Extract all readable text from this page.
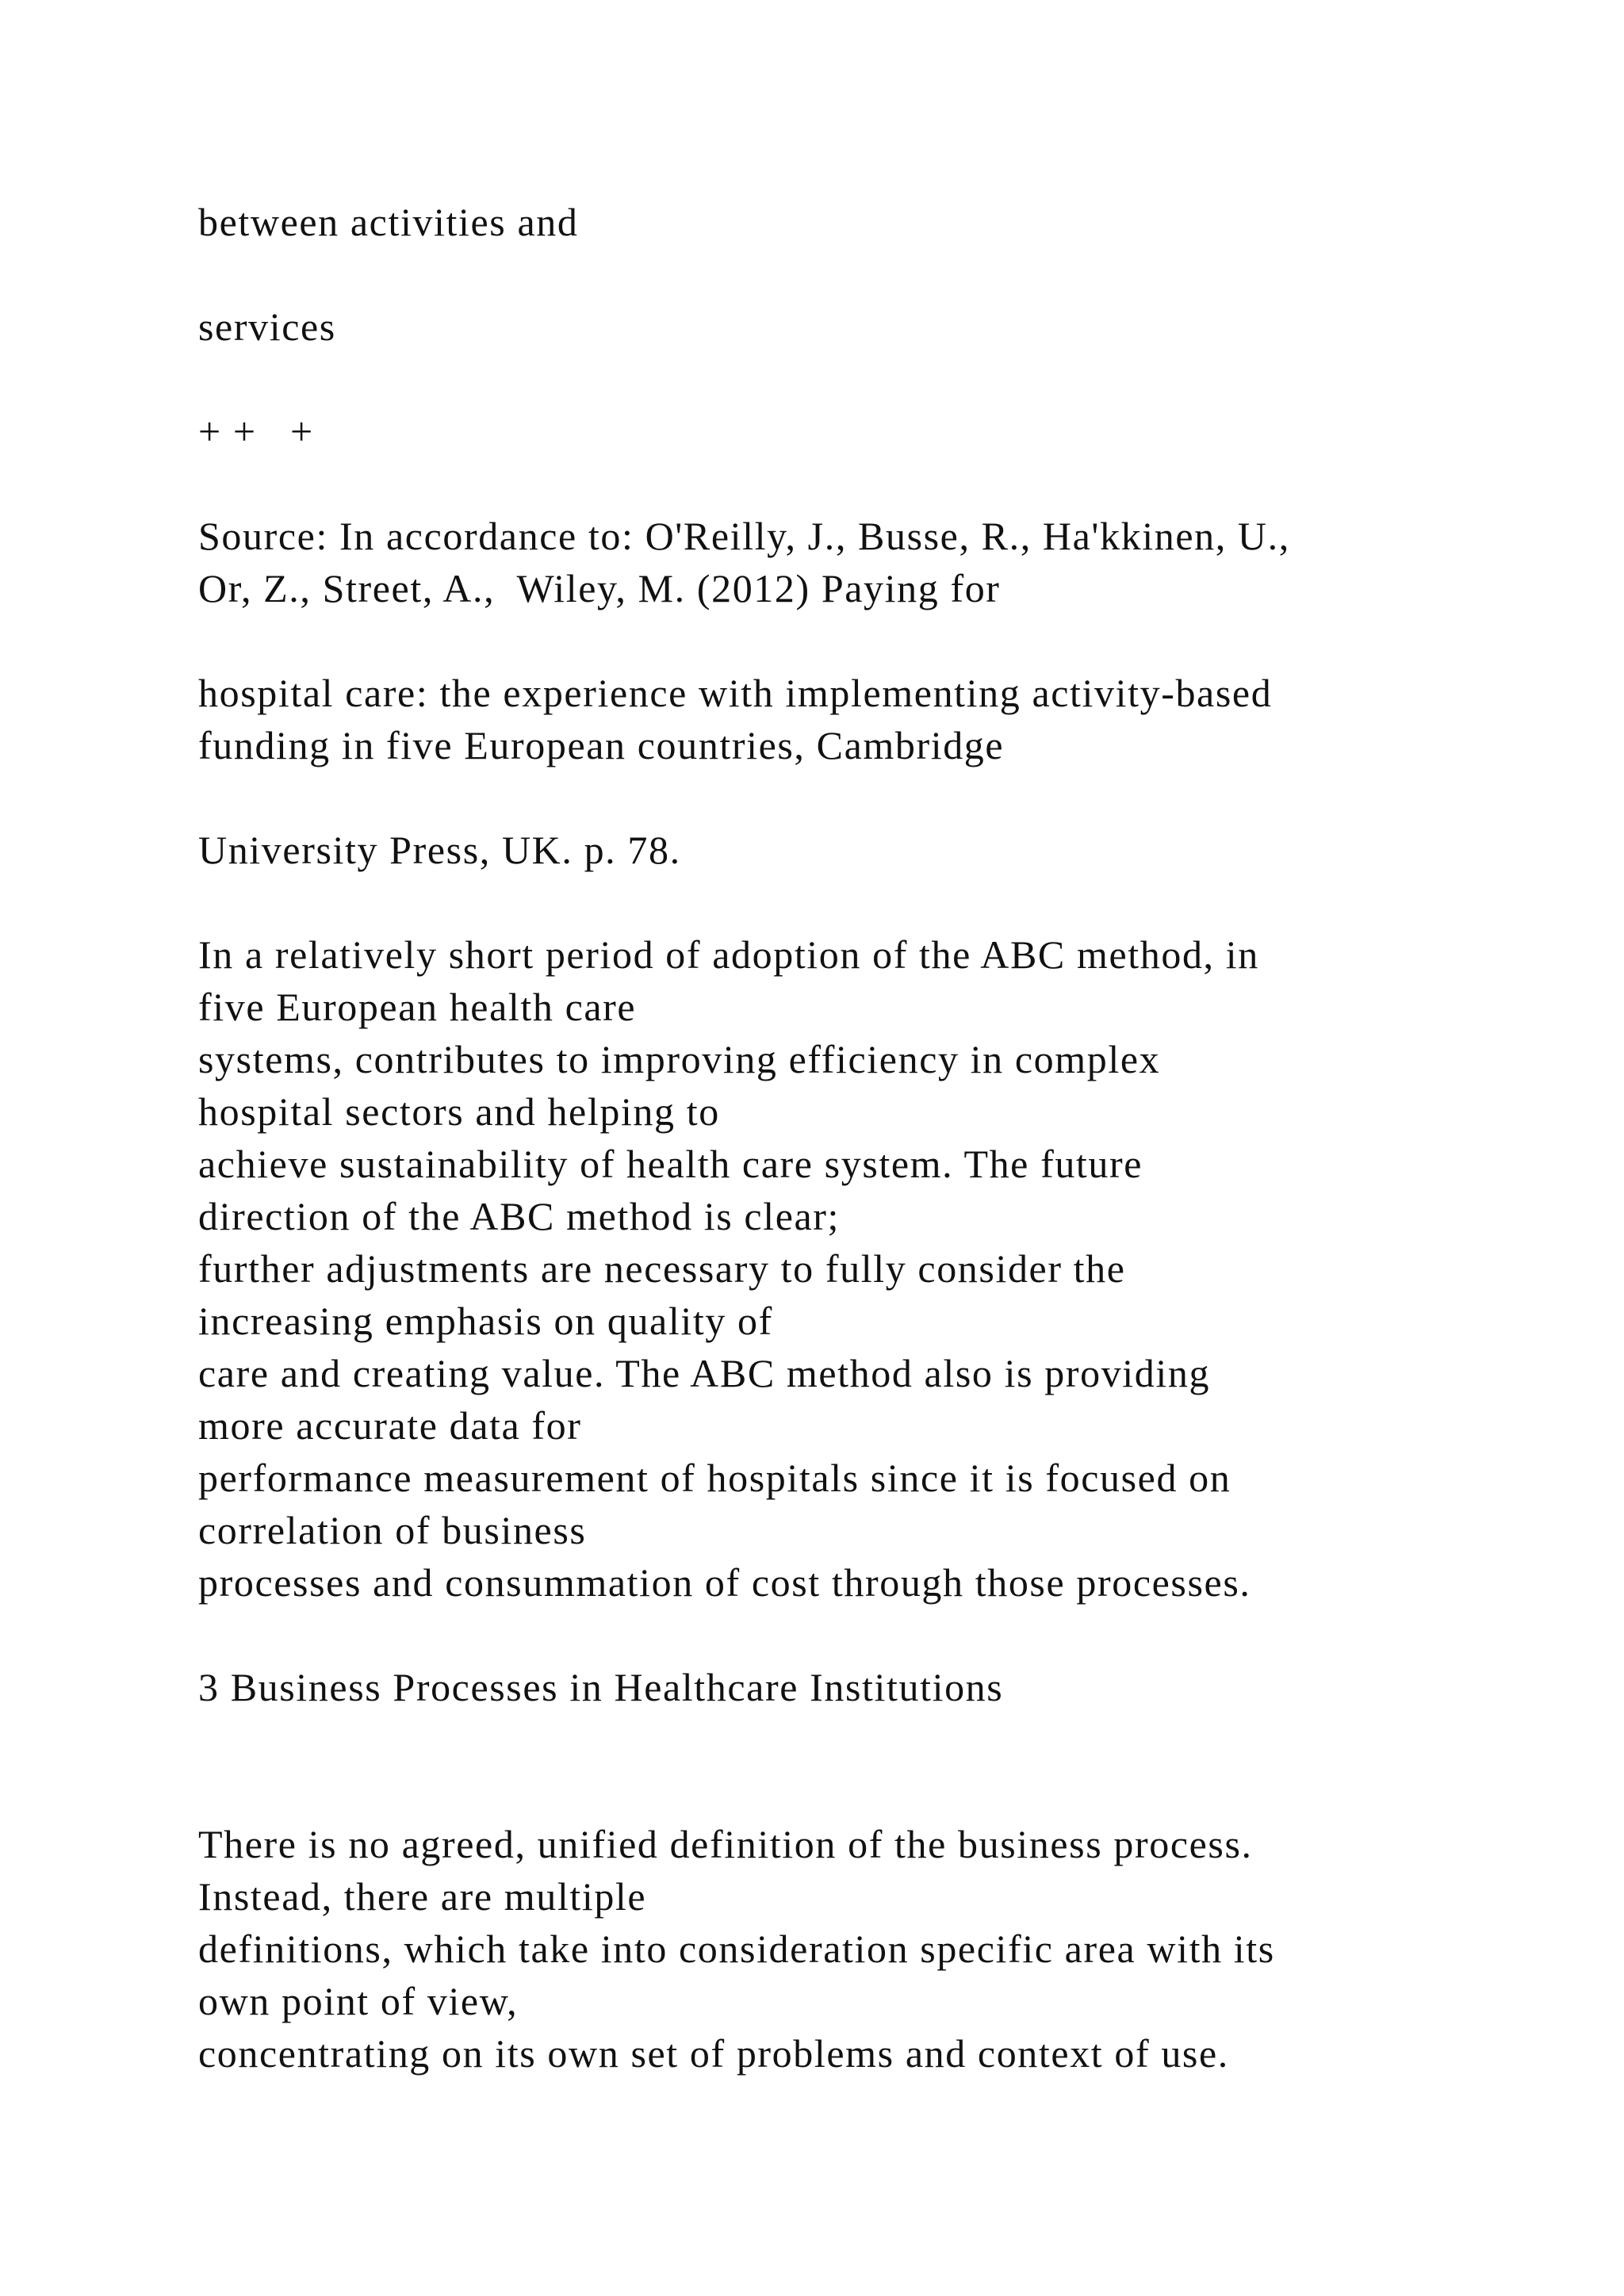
between activities and

services

+ +   +

Source: In accordance to: O'Reilly, J., Busse, R., Ha'kkinen, U.,

Or, Z., Street, A.,  Wiley, M. (2012) Paying for

hospital care: the experience with implementing activity-based

funding in five European countries, Cambridge

University Press, UK. p. 78.

In a relatively short period of adoption of the ABC method, in

five European health care

systems, contributes to improving efficiency in complex

hospital sectors and helping to

achieve sustainability of health care system. The future

direction of the ABC method is clear;

further adjustments are necessary to fully consider the

increasing emphasis on quality of

care and creating value. The ABC method also is providing

more accurate data for

performance measurement of hospitals since it is focused on

correlation of business

processes and consummation of cost through those processes.

3 Business Processes in Healthcare Institutions

There is no agreed, unified definition of the business process.

Instead, there are multiple

definitions, which take into consideration specific area with its

own point of view,

concentrating on its own set of problems and context of use.
